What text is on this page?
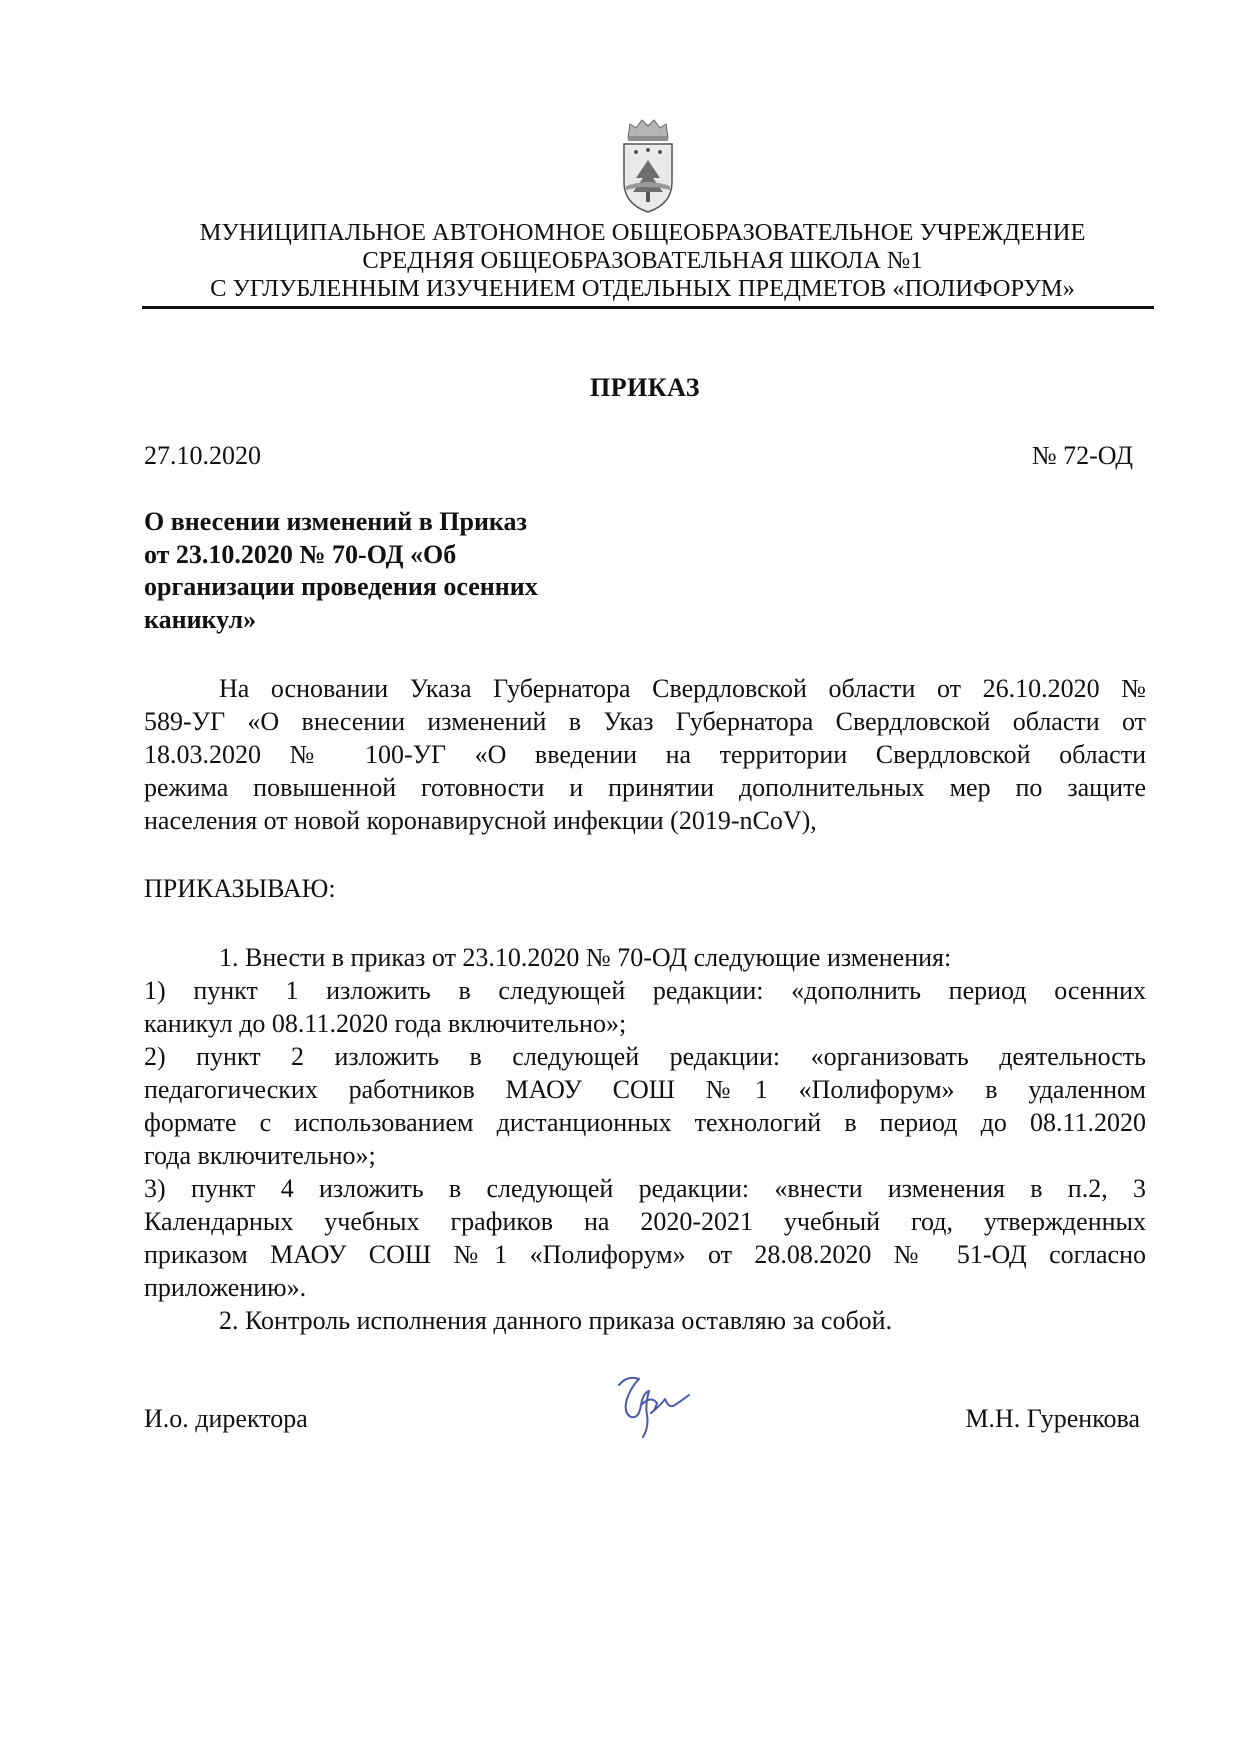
МУНИЦИПАЛЬНОЕ АВТОНОМНОЕ ОБЩЕОБРАЗОВАТЕЛЬНОЕ УЧРЕЖДЕНИЕ
СРЕДНЯЯ ОБЩЕОБРАЗОВАТЕЛЬНАЯ ШКОЛА №1
С УГЛУБЛЕННЫМ ИЗУЧЕНИЕМ ОТДЕЛЬНЫХ ПРЕДМЕТОВ «ПОЛИФОРУМ»
ПРИКАЗ
27.10.2020	№ 72-ОД
О внесении изменений в Приказ
от 23.10.2020 № 70-ОД «Об
организации проведения осенних
каникул»
На основании Указа Губернатора Свердловской области от 26.10.2020 №
589-УГ «О внесении изменений в Указ Губернатора Свердловской области от
18.03.2020 № 100-УГ «О введении на территории Свердловской области
режима повышенной готовности и принятии дополнительных мер по защите
населения от новой коронавирусной инфекции (2019-nCoV),
ПРИКАЗЫВАЮ:
1. Внести в приказ от 23.10.2020 № 70-ОД следующие изменения:
1) пункт 1 изложить в следующей редакции: «дополнить период осенних
каникул до 08.11.2020 года включительно»;
2) пункт 2 изложить в следующей редакции: «организовать деятельность
педагогических работников МАОУ СОШ №1 «Полифорум» в удаленном
формате с использованием дистанционных технологий в период до 08.11.2020
года включительно»;
3) пункт 4 изложить в следующей редакции: «внести изменения в п.2, 3
Календарных учебных графиков на 2020-2021 учебный год, утвержденных
приказом МАОУ СОШ №1 «Полифорум» от 28.08.2020 № 51-ОД согласно
приложению».
2. Контроль исполнения данного приказа оставляю за собой.
И.о. директора	М.Н. Гуренкова
